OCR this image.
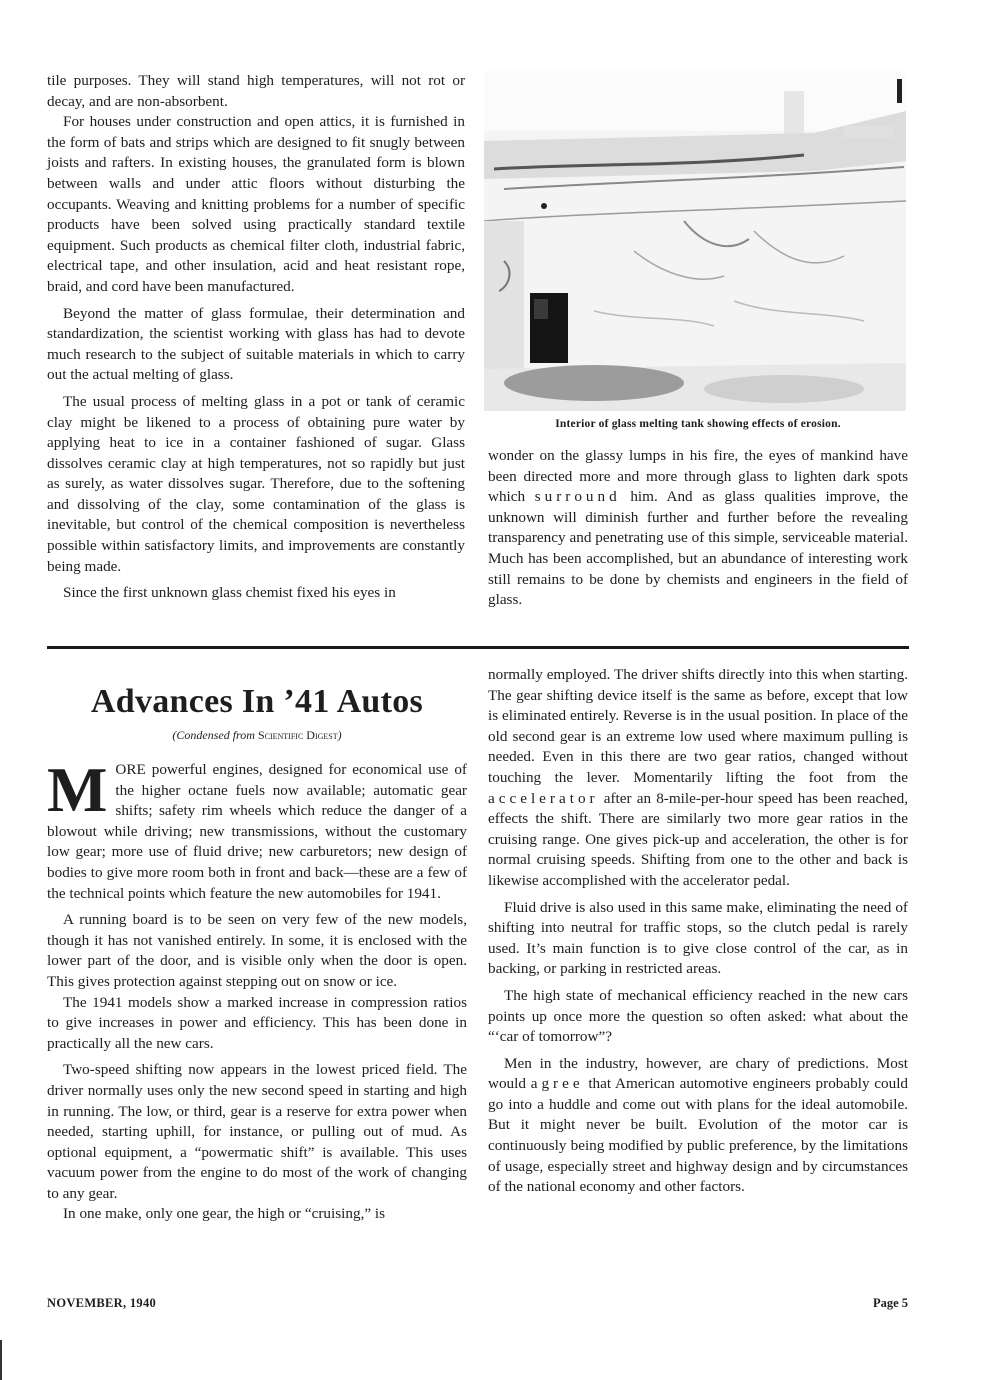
tile purposes. They will stand high temperatures, will not rot or decay, and are non-absorbent.

For houses under construction and open attics, it is furnished in the form of bats and strips which are designed to fit snugly between joists and rafters. In existing houses, the granulated form is blown between walls and under attic floors without disturbing the occupants. Weaving and knitting problems for a number of specific products have been solved using practically standard textile equipment. Such products as chemical filter cloth, industrial fabric, electrical tape, and other insulation, acid and heat resistant rope, braid, and cord have been manufactured.

Beyond the matter of glass formulae, their determination and standardization, the scientist working with glass has had to devote much research to the subject of suitable materials in which to carry out the actual melting of glass.

The usual process of melting glass in a pot or tank of ceramic clay might be likened to a process of obtaining pure water by applying heat to ice in a container fashioned of sugar. Glass dissolves ceramic clay at high temperatures, not so rapidly but just as surely, as water dissolves sugar. Therefore, due to the softening and dissolving of the clay, some contamination of the glass is inevitable, but control of the chemical composition is nevertheless possible within satisfactory limits, and improvements are constantly being made.

Since the first unknown glass chemist fixed his eyes in

Interior of glass melting tank showing effects of erosion.

wonder on the glassy lumps in his fire, the eyes of mankind have been directed more and more through glass to lighten dark spots which surround him. And as glass qualities improve, the unknown will diminish further and further before the revealing transparency and penetrating use of this simple, serviceable material. Much has been accomplished, but an abundance of interesting work still remains to be done by chemists and engineers in the field of glass.

Advances In ’41 Autos
(Condensed from Scientific Digest)

MORE powerful engines, designed for economical use of the higher octane fuels now available; automatic gear shifts; safety rim wheels which reduce the danger of a blowout while driving; new transmissions, without the customary low gear; more use of fluid drive; new carburetors; new design of bodies to give more room both in front and back—these are a few of the technical points which feature the new automobiles for 1941.

A running board is to be seen on very few of the new models, though it has not vanished entirely. In some, it is enclosed with the lower part of the door, and is visible only when the door is open. This gives protection against stepping out on snow or ice.

The 1941 models show a marked increase in compression ratios to give increases in power and efficiency. This has been done in practically all the new cars.

Two-speed shifting now appears in the lowest priced field. The driver normally uses only the new second speed in starting and high in running. The low, or third, gear is a reserve for extra power when needed, starting uphill, for instance, or pulling out of mud. As optional equipment, a “powermatic shift” is available. This uses vacuum power from the engine to do most of the work of changing to any gear.

In one make, only one gear, the high or “cruising,” is

normally employed. The driver shifts directly into this when starting. The gear shifting device itself is the same as before, except that low is eliminated entirely. Reverse is in the usual position. In place of the old second gear is an extreme low used where maximum pulling is needed. Even in this there are two gear ratios, changed without touching the lever. Momentarily lifting the foot from the accelerator after an 8-mile-per-hour speed has been reached, effects the shift. There are similarly two more gear ratios in the cruising range. One gives pick-up and acceleration, the other is for normal cruising speeds. Shifting from one to the other and back is likewise accomplished with the accelerator pedal.

Fluid drive is also used in this same make, eliminating the need of shifting into neutral for traffic stops, so the clutch pedal is rarely used. It’s main function is to give close control of the car, as in backing, or parking in restricted areas.

The high state of mechanical efficiency reached in the new cars points up once more the question so often asked: what about the “‘car of tomorrow”?

Men in the industry, however, are chary of predictions. Most would agree that American automotive engineers probably could go into a huddle and come out with plans for the ideal automobile. But it might never be built. Evolution of the motor car is continuously being modified by public preference, by the limitations of usage, especially street and highway design and by circumstances of the national economy and other factors.

NOVEMBER, 1940	Page 5
